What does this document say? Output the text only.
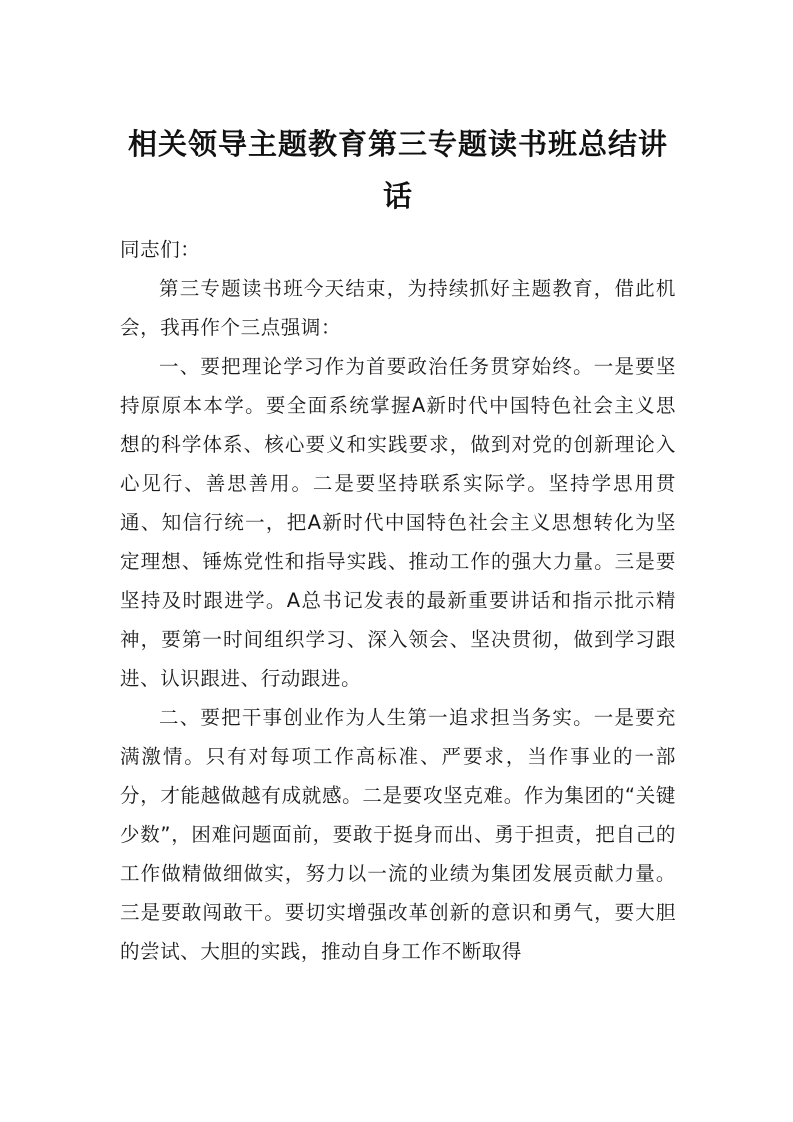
相关领导主题教育第三专题读书班总结讲话

同志们：

第三专题读书班今天结束，为持续抓好主题教育，借此机会，我再作个三点强调：

一、要把理论学习作为首要政治任务贯穿始终。一是要坚持原原本本学。要全面系统掌握A新时代中国特色社会主义思想的科学体系、核心要义和实践要求，做到对党的创新理论入心见行、善思善用。二是要坚持联系实际学。坚持学思用贯通、知信行统一，把A新时代中国特色社会主义思想转化为坚定理想、锤炼党性和指导实践、推动工作的强大力量。三是要坚持及时跟进学。A总书记发表的最新重要讲话和指示批示精神，要第一时间组织学习、深入领会、坚决贯彻，做到学习跟进、认识跟进、行动跟进。

二、要把干事创业作为人生第一追求担当务实。一是要充满激情。只有对每项工作高标准、严要求，当作事业的一部分，才能越做越有成就感。二是要攻坚克难。作为集团的“关键少数”，困难问题面前，要敢于挺身而出、勇于担责，把自己的工作做精做细做实，努力以一流的业绩为集团发展贡献力量。三是要敢闯敢干。要切实增强改革创新的意识和勇气，要大胆的尝试、大胆的实践，推动自身工作不断取得
